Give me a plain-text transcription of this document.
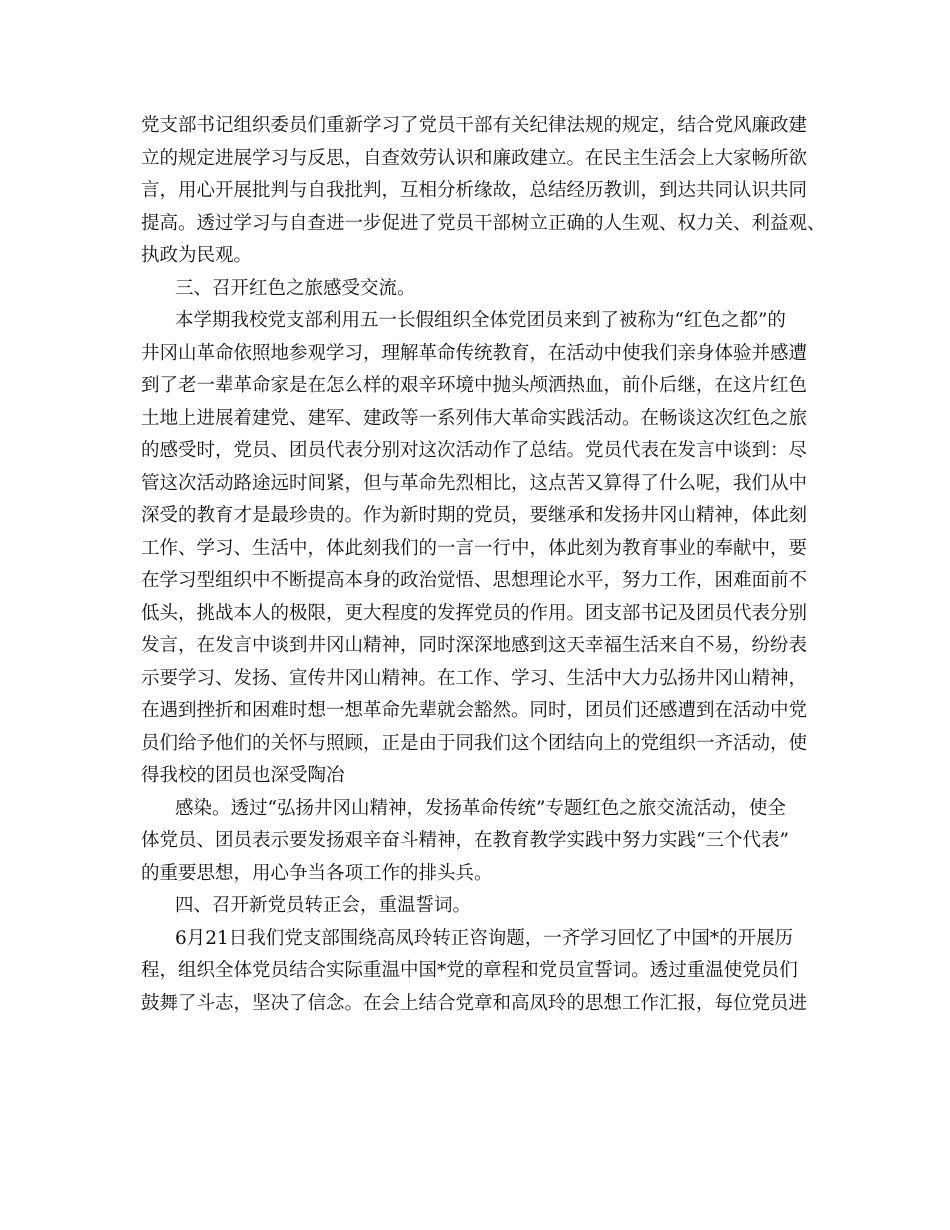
党支部书记组织委员们重新学习了党员干部有关纪律法规的规定，结合党风廉政建
立的规定进展学习与反思，自查效劳认识和廉政建立。在民主生活会上大家畅所欲
言，用心开展批判与自我批判，互相分析缘故，总结经历教训，到达共同认识共同
提高。透过学习与自查进一步促进了党员干部树立正确的人生观、权力关、利益观、
执政为民观。
三、召开红色之旅感受交流。
本学期我校党支部利用五一长假组织全体党团员来到了被称为“红色之都”的
井冈山革命依照地参观学习，理解革命传统教育，在活动中使我们亲身体验并感遭
到了老一辈革命家是在怎么样的艰辛环境中抛头颅洒热血，前仆后继，在这片红色
土地上进展着建党、建军、建政等一系列伟大革命实践活动。在畅谈这次红色之旅
的感受时，党员、团员代表分别对这次活动作了总结。党员代表在发言中谈到：尽
管这次活动路途远时间紧，但与革命先烈相比，这点苦又算得了什么呢，我们从中
深受的教育才是最珍贵的。作为新时期的党员，要继承和发扬井冈山精神，体此刻
工作、学习、生活中，体此刻我们的一言一行中，体此刻为教育事业的奉献中，要
在学习型组织中不断提高本身的政治觉悟、思想理论水平，努力工作，困难面前不
低头，挑战本人的极限，更大程度的发挥党员的作用。团支部书记及团员代表分别
发言，在发言中谈到井冈山精神，同时深深地感到这天幸福生活来自不易，纷纷表
示要学习、发扬、宣传井冈山精神。在工作、学习、生活中大力弘扬井冈山精神，
在遇到挫折和困难时想一想革命先辈就会豁然。同时，团员们还感遭到在活动中党
员们给予他们的关怀与照顾，正是由于同我们这个团结向上的党组织一齐活动，使
得我校的团员也深受陶冶
感染。透过“弘扬井冈山精神，发扬革命传统”专题红色之旅交流活动，使全
体党员、团员表示要发扬艰辛奋斗精神，在教育教学实践中努力实践“三个代表”
的重要思想，用心争当各项工作的排头兵。
四、召开新党员转正会，重温誓词。
6月21日我们党支部围绕高凤玲转正咨询题，一齐学习回忆了中国*的开展历
程，组织全体党员结合实际重温中国*党的章程和党员宣誓词。透过重温使党员们
鼓舞了斗志，坚决了信念。在会上结合党章和高凤玲的思想工作汇报，每位党员进
